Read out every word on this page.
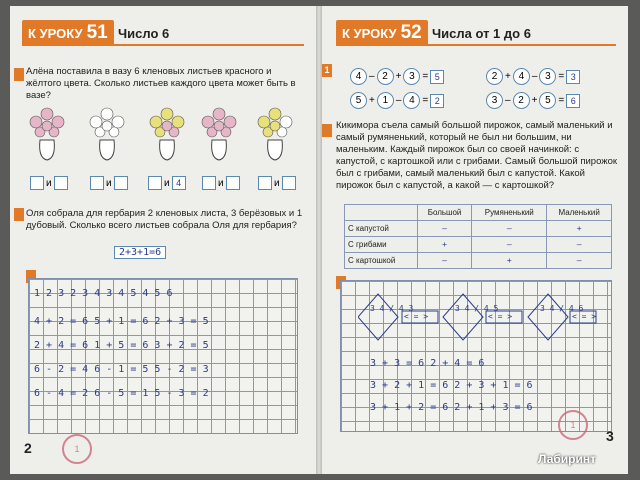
К УРОКУ 51 Число 6
Алёна поставила в вазу 6 кленовых листьев красного и жёлтого цвета. Сколько листьев каждого цвета может быть в вазе?
и	и	и 4	и	и
Оля собрала для гербария 2 кленовых листа, 3 берёзовых и 1 дубовый. Сколько всего листьев собрала Оля для гербария?
2+3+1=6
1 2 3 2 3 4 3 4 5 4 5 6
4 + 2 = 6 5 + 1 = 6 2 + 3 = 5
2 + 4 = 6 1 + 5 = 6 3 + 2 = 5
6 - 2 = 4 6 - 1 = 5 5 - 2 = 3
6 - 4 = 2 6 - 5 = 1 5 - 3 = 2
2	1
К УРОКУ 52 Числа от 1 до 6
1
4 – 2 + 3 = 5
5 + 1 – 4 = 2
2 + 4 – 3 = 3
3 – 2 + 5 = 6
Кикимора съела самый большой пирожок, самый маленький и самый румяненький, который не был ни большим, ни маленьким. Каждый пирожок был со своей начинкой: с капустой, с картошкой или с грибами. Самый большой пирожок был с грибами, самый маленький был с капустой. Какой пирожок был с капустой, а какой — с картошкой?
	Большой	Румяненький	Маленький
С капустой	–	–	+
С грибами	+	–	–
С картошкой	–	+	–
3 4 / 4 3	3 4 / 4 5	3 4 / 4 6
< = >	< = >	< = >
3 + 3 = 6 2 + 4 = 6
3 + 2 + 1 = 6 2 + 3 + 1 = 6
3 + 1 + 2 = 6 2 + 1 + 3 = 6
1
3
Лабиринт
